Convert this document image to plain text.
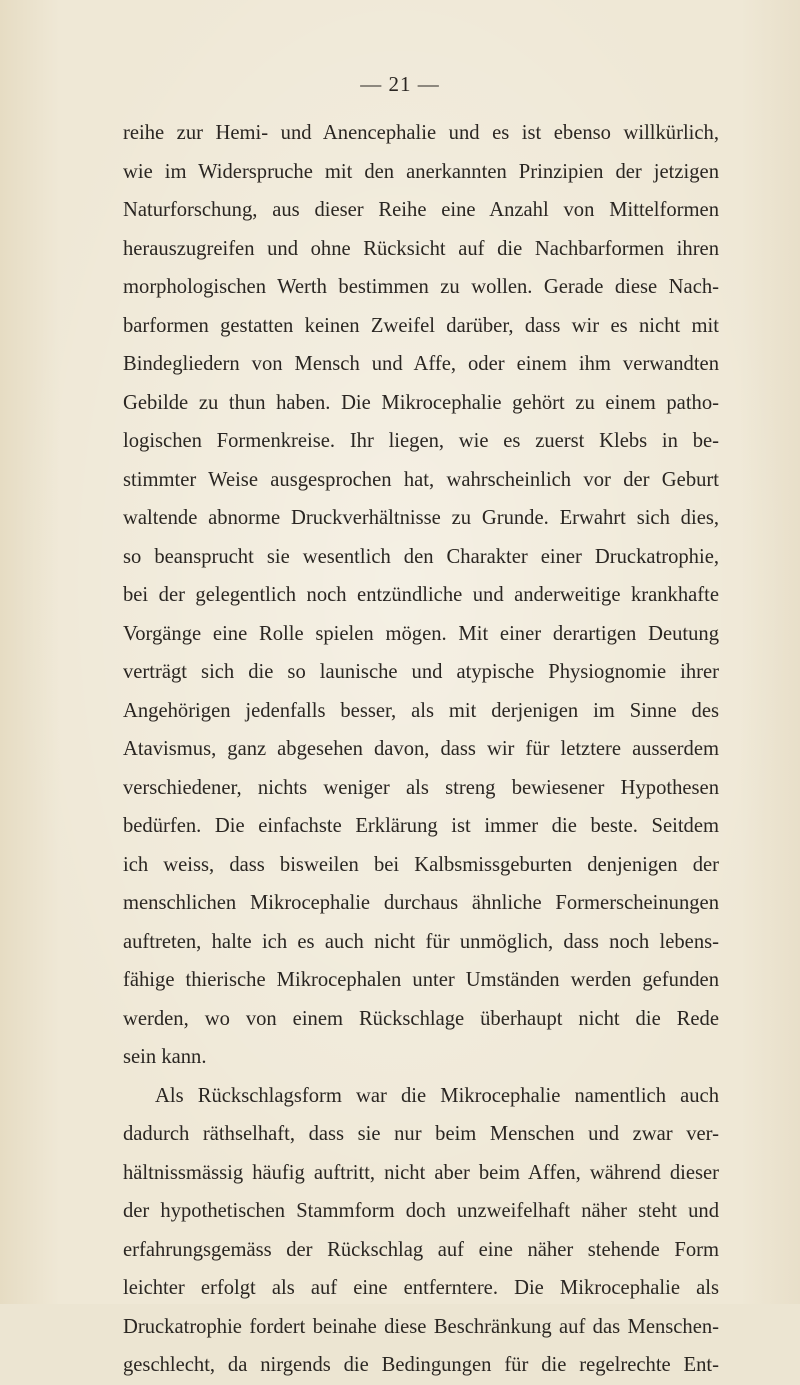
— 21 —
reihe zur Hemi- und Anencephalie und es ist ebenso willkürlich,
wie im Widerspruche mit den anerkannten Prinzipien der jetzigen
Naturforschung, aus dieser Reihe eine Anzahl von Mittelformen
herauszugreifen und ohne Rücksicht auf die Nachbarformen ihren
morphologischen Werth bestimmen zu wollen. Gerade diese Nach-
barformen gestatten keinen Zweifel darüber, dass wir es nicht mit
Bindegliedern von Mensch und Affe, oder einem ihm verwandten
Gebilde zu thun haben. Die Mikrocephalie gehört zu einem patho-
logischen Formenkreise. Ihr liegen, wie es zuerst Klebs in be-
stimmter Weise ausgesprochen hat, wahrscheinlich vor der Geburt
waltende abnorme Druckverhältnisse zu Grunde. Erwahrt sich dies,
so beansprucht sie wesentlich den Charakter einer Druckatrophie,
bei der gelegentlich noch entzündliche und anderweitige krankhafte
Vorgänge eine Rolle spielen mögen. Mit einer derartigen Deutung
verträgt sich die so launische und atypische Physiognomie ihrer
Angehörigen jedenfalls besser, als mit derjenigen im Sinne des
Atavismus, ganz abgesehen davon, dass wir für letztere ausserdem
verschiedener, nichts weniger als streng bewiesener Hypothesen
bedürfen. Die einfachste Erklärung ist immer die beste. Seitdem
ich weiss, dass bisweilen bei Kalbsmissgeburten denjenigen der
menschlichen Mikrocephalie durchaus ähnliche Formerscheinungen
auftreten, halte ich es auch nicht für unmöglich, dass noch lebens-
fähige thierische Mikrocephalen unter Umständen werden gefunden
werden, wo von einem Rückschlage überhaupt nicht die Rede
sein kann.
Als Rückschlagsform war die Mikrocephalie namentlich auch
dadurch räthselhaft, dass sie nur beim Menschen und zwar ver-
hältnissmässig häufig auftritt, nicht aber beim Affen, während dieser
der hypothetischen Stammform doch unzweifelhaft näher steht und
erfahrungsgemäss der Rückschlag auf eine näher stehende Form
leichter erfolgt als auf eine entferntere. Die Mikrocephalie als
Druckatrophie fordert beinahe diese Beschränkung auf das Menschen-
geschlecht, da nirgends die Bedingungen für die regelrechte Ent-
